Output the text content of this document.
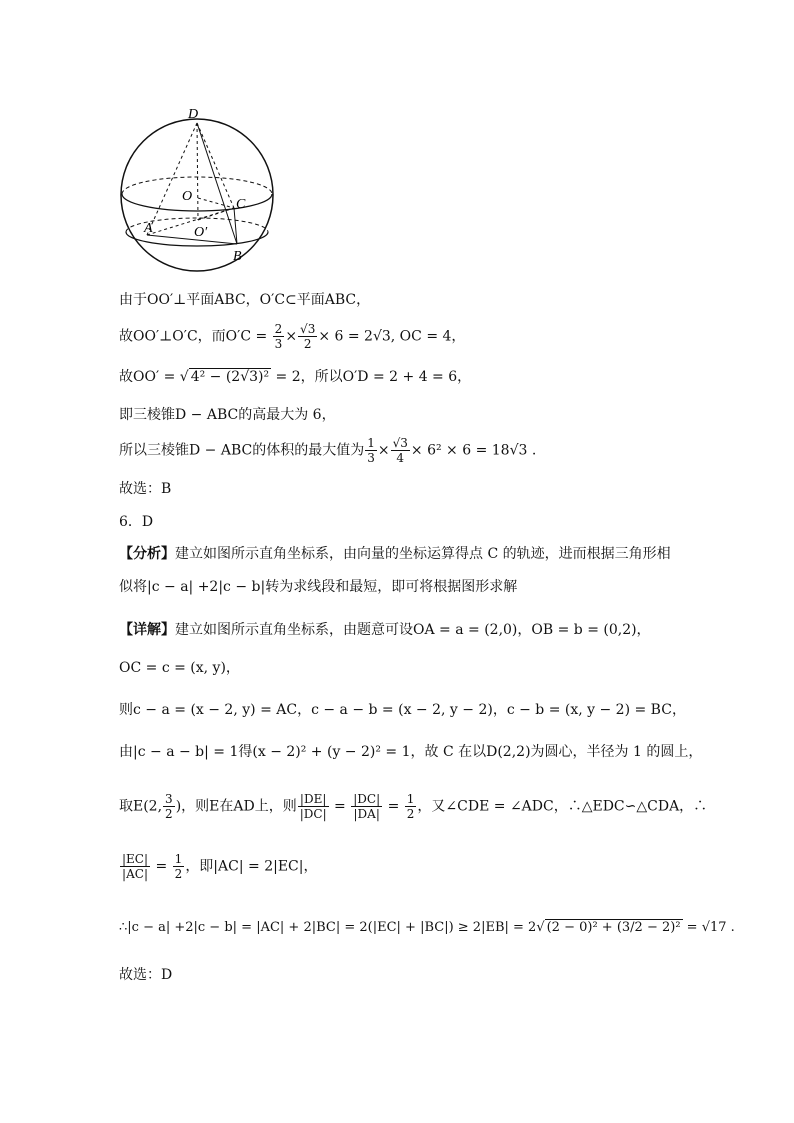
D
O
C
A	O′
B
由于OO′⊥平面ABC，O′C⊂平面ABC，
故OO′⊥O′C，而$O'C = \frac{2}{3} \times \frac{√3}{2} \times 6 = 2√3$, OC = 4，
故OO′ = √ 4² − (2√3)² = 2，所以O′D = 2 + 4 = 6，
即三棱锥D − ABC的高最大为 6，
所以三棱锥D − ABC的体积的最大值为 $\frac{1}{3} \times \frac{√3}{4} \times 6^2 \times 6 = 18√3$ .
故选：B
6．D
【分析】建立如图所示直角坐标系，由向量的坐标运算得点 C 的轨迹，进而根据三角形相
似将|c − a| +2|c − b|转为求线段和最短，即可将根据图形求解
【详解】建立如图所示直角坐标系，由题意可设OA = a = (2,0)，OB = b = (0,2)，
OC = c = (x, y)，
则c − a = (x − 2, y) = AC，c − a − b = (x − 2, y − 2)，c − b = (x, y − 2) = BC，
由|c − a − b| = 1得(x − 2)² + (y − 2)² = 1，故 C 在以D(2,2)为圆心，半径为 1 的圆上，
取E(2, $\frac{3}{2}$ )，则E在AD上，则 $\frac{|DE|}{|DC|} = \frac{|DC|}{|DA|} = \frac{1}{2}$ ，又∠CDE = ∠ADC，∴△EDC∽△CDA，∴
$\frac{|EC|}{|AC|} = \frac{1}{2}$ ，即|AC| = 2|EC|，
∴|c − a| +2|c − b| = |AC| + 2|BC| = 2(|EC| + |BC|) ≥ 2|EB| = 2√ (2 − 0)² + (3/2 − 2)² = √17 .
故选：D
